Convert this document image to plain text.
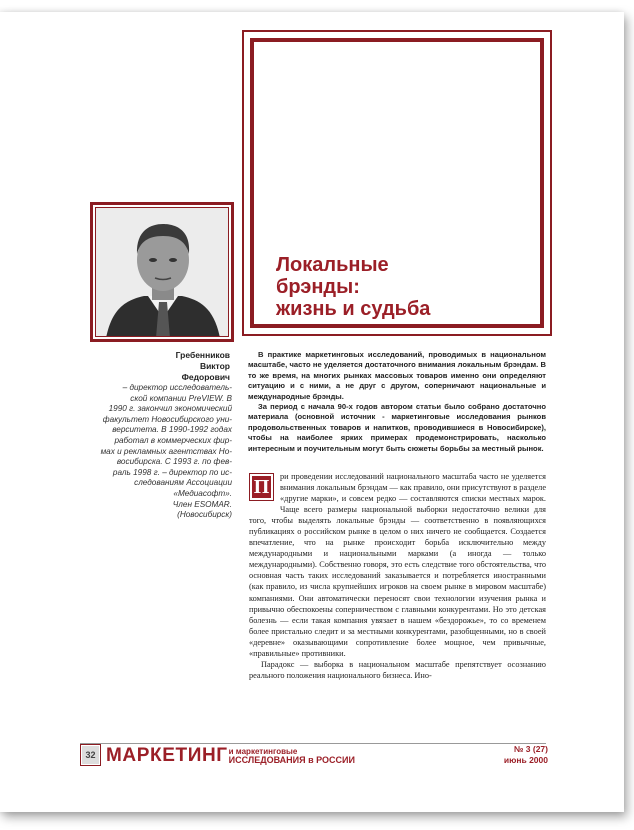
Локальные
брэнды:
жизнь и судьба
Гребенников
Виктор
Федорович
– директор исследователь-
ской компании PreVIEW. В
1990 г. закончил экономический
факультет Новосибирского уни-
верситета. В 1990-1992 годах
работал в коммерческих фир-
мах и рекламных агентствах Но-
восибирска. С 1993 г. по фев-
раль 1998 г. – директор по ис-
следованиям Ассоциации
«Медиасофт».
Член ESOMAR.
(Новосибирск)

В практике маркетинговых исследований, проводимых в национальном масштабе, часто не уделяется достаточного внимания локальным брэндам. В то же время, на многих рынках массовых товаров именно они определяют ситуацию и с ними, а не друг с другом, соперничают национальные и международные брэнды.

За период с начала 90-х годов автором статьи было собрано достаточно материала (основной источник - маркетинговые исследования рынков продовольственных товаров и напитков, проводившиеся в Новосибирске), чтобы на наиболее ярких примерах продемонстрировать, насколько интересным и поучительным могут быть сюжеты борьбы за местный рынок.

ри проведении исследований национального масштаба часто не уделяется внимания локальным брэндам — как правило, они присутствуют в разделе «другие марки», и совсем редко — составляются списки местных марок. Чаще всего размеры национальной выборки недостаточно велики для того, чтобы выделять локальные брэнды — соответственно в появляющихся публикациях о российском рынке в целом о них ничего не сообщается. Создается впечатление, что на рынке происходит борьба исключительно между международными и национальными марками (а иногда — только международными). Собственно говоря, это есть следствие того обстоятельства, что основная часть таких исследований заказывается и потребляется иностранными (как правило, из числа крупнейших игроков на своем рынке в мировом масштабе) компаниями. Они автоматически переносят свои технологии изучения рынка и привычно обеспокоены соперничеством с главными конкурентами. Но это детская болезнь — если такая компания увязает в нашем «бездорожье», то со временем более пристально следит и за местными конкурентами, разобщенными, но в своей «деревне» оказывающими сопротивление более мощное, чем привычные, «правильные» противники.

Парадокс — выборка в национальном масштабе препятствует осознанию реального положения национального бизнеса. Ино-

П
32 МАРКЕТИНГ и маркетинговые
ИССЛЕДОВАНИЯ в РОССИИ
№ 3 (27)
июнь 2000
